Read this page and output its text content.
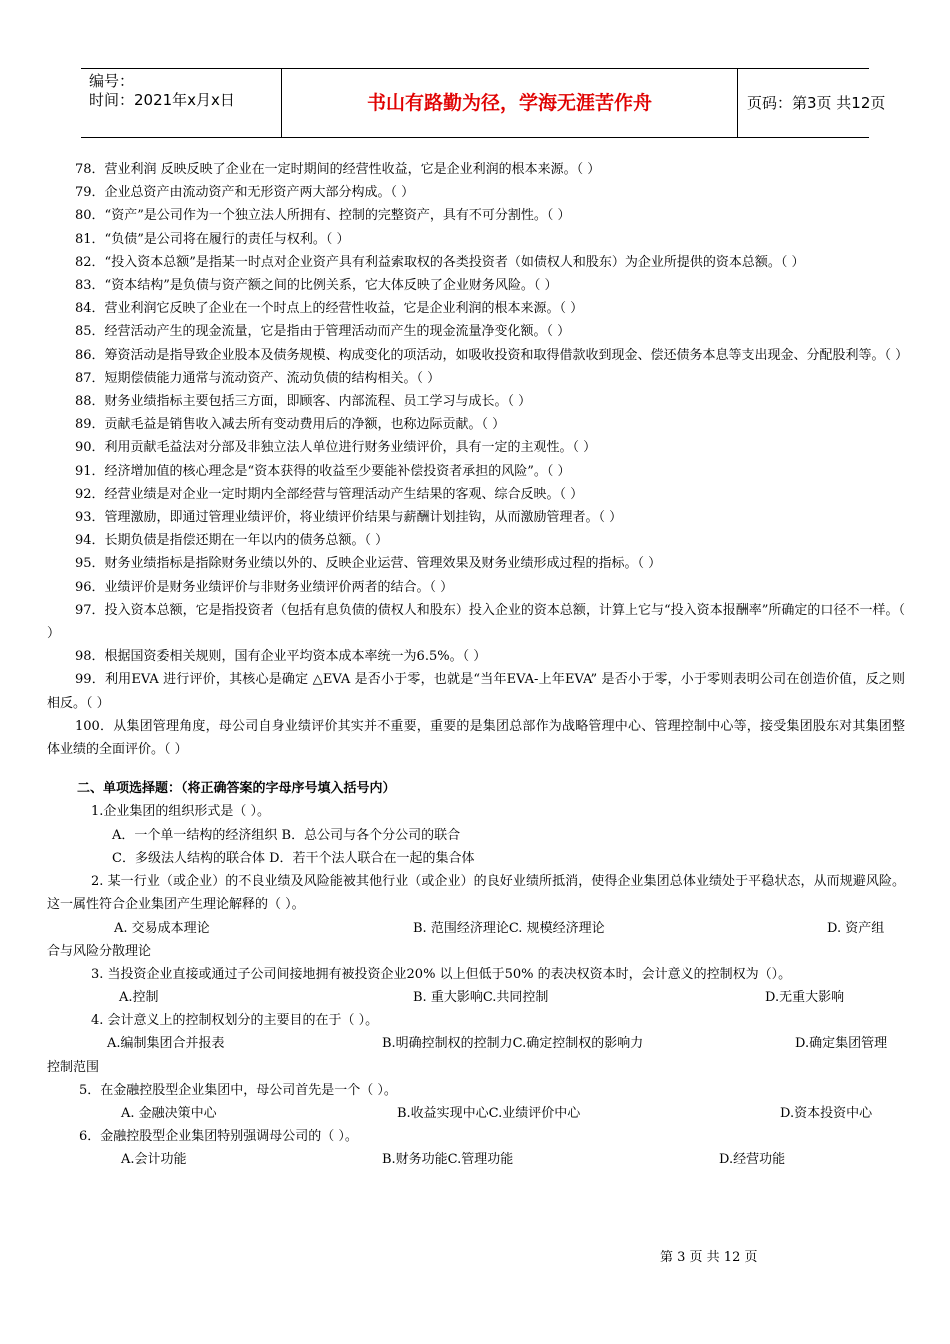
编号：
时间：2021年x月x日	书山有路勤为径，学海无涯苦作舟	页码：第3页 共12页

78．营业利润 反映反映了企业在一定时期间的经营性收益，它是企业利润的根本来源。（ ）

79．企业总资产由流动资产和无形资产两大部分构成。（ ）

80．“资产”是公司作为一个独立法人所拥有、控制的完整资产，具有不可分割性。（ ）

81．“负债”是公司将在履行的责任与权利。（ ）

82．“投入资本总额”是指某一时点对企业资产具有利益索取权的各类投资者（如债权人和股东）为企业所提供的资本总额。（ ）

83．“资本结构”是负债与资产额之间的比例关系，它大体反映了企业财务风险。（ ）

84．营业利润它反映了企业在一个时点上的经营性收益，它是企业利润的根本来源。（ ）

85．经营活动产生的现金流量，它是指由于管理活动而产生的现金流量净变化额。（ ）

86．筹资活动是指导致企业股本及债务规模、构成变化的项活动，如吸收投资和取得借款收到现金、偿还债务本息等支出现金、分配股利等。（ ）

87．短期偿债能力通常与流动资产、流动负债的结构相关。（ ）

88．财务业绩指标主要包括三方面，即顾客、内部流程、员工学习与成长。（ ）

89．贡献毛益是销售收入减去所有变动费用后的净额，也称边际贡献。（ ）

90．利用贡献毛益法对分部及非独立法人单位进行财务业绩评价，具有一定的主观性。（ ）

91．经济增加值的核心理念是“资本获得的收益至少要能补偿投资者承担的风险”。（ ）

92．经营业绩是对企业一定时期内全部经营与管理活动产生结果的客观、综合反映。（ ）

93．管理激励，即通过管理业绩评价，将业绩评价结果与薪酬计划挂钩，从而激励管理者。（ ）

94．长期负债是指偿还期在一年以内的债务总额。（ ）

95．财务业绩指标是指除财务业绩以外的、反映企业运营、管理效果及财务业绩形成过程的指标。（ ）

96．业绩评价是财务业绩评价与非财务业绩评价两者的结合。（ ）

97．投入资本总额，它是指投资者（包括有息负债的债权人和股东）投入企业的资本总额，计算上它与“投入资本报酬率”所确定的口径不一样。（ ）

98．根据国资委相关规则，国有企业平均资本成本率统一为6.5%。（ ）

99．利用EVA 进行评价，其核心是确定 △EVA 是否小于零，也就是“当年EVA-上年EVA” 是否小于零，小于零则表明公司在创造价值，反之则相反。（ ）

100．从集团管理角度，母公司自身业绩评价其实并不重要，重要的是集团总部作为战略管理中心、管理控制中心等，接受集团股东对其集团整体业绩的全面评价。（ ）

二、单项选择题：（将正确答案的字母序号填入括号内）

1.企业集团的组织形式是（ ）。

A．一个单一结构的经济组织 B．总公司与各个分公司的联合

C．多级法人结构的联合体 D．若干个法人联合在一起的集合体

2. 某一行业（或企业）的不良业绩及风险能被其他行业（或企业）的良好业绩所抵消，使得企业集团总体业绩处于平稳状态，从而规避风险。这一属性符合企业集团产生理论解释的（ ）。

A. 交易成本理论	B. 范围经济理论C. 规模经济理论	D. 资产组

合与风险分散理论

3. 当投资企业直接或通过子公司间接地拥有被投资企业20% 以上但低于50% 的表决权资本时，会计意义的控制权为（）。

A.控制	B. 重大影响C.共同控制	D.无重大影响

4. 会计意义上的控制权划分的主要目的在于（ ）。

A.编制集团合并报表	B.明确控制权的控制力C.确定控制权的影响力	D.确定集团管理

控制范围

5．在金融控股型企业集团中，母公司首先是一个（ ）。

A. 金融决策中心	B.收益实现中心C.业绩评价中心	D.资本投资中心

6．金融控股型企业集团特别强调母公司的（ ）。

A.会计功能	B.财务功能C.管理功能	D.经营功能
第 3 页 共 12 页
